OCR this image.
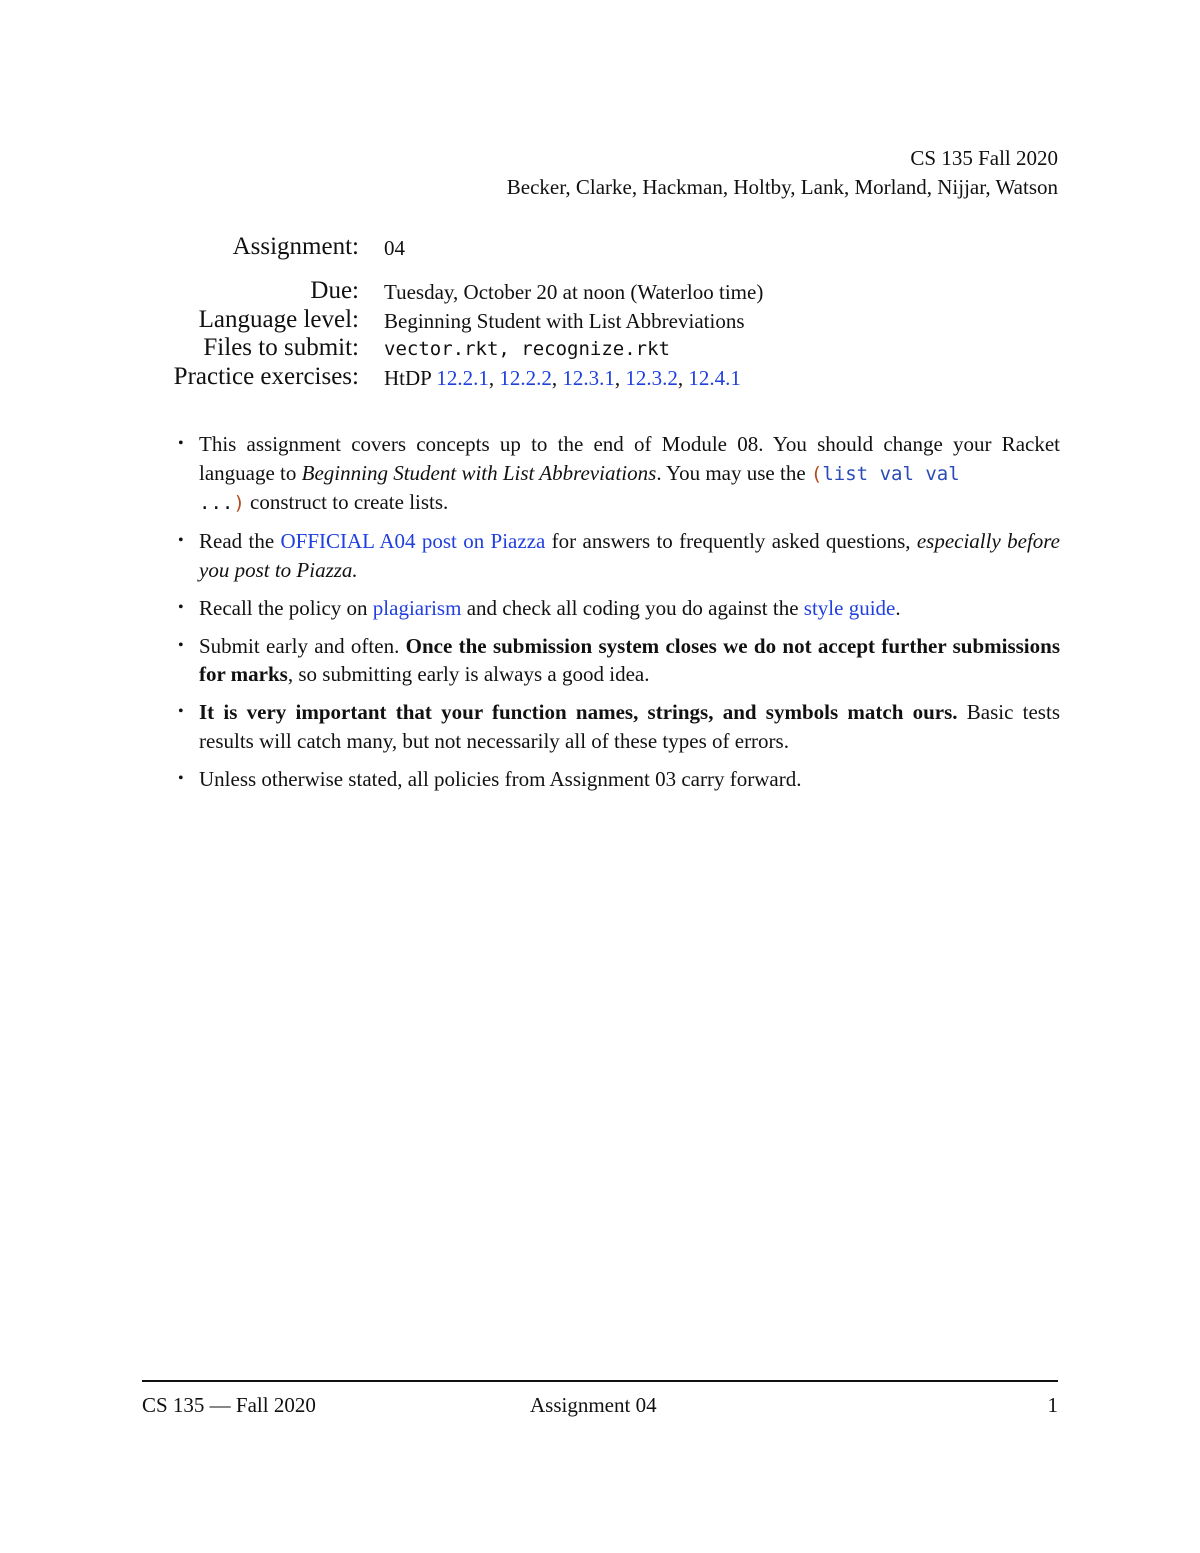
CS 135 Fall 2020
Becker, Clarke, Hackman, Holtby, Lank, Morland, Nijjar, Watson
Assignment: 04
Due: Tuesday, October 20 at noon (Waterloo time)
Language level: Beginning Student with List Abbreviations
Files to submit: vector.rkt, recognize.rkt
Practice exercises: HtDP 12.2.1, 12.2.2, 12.3.1, 12.3.2, 12.4.1
• This assignment covers concepts up to the end of Module 08. You should change your Racket language to Beginning Student with List Abbreviations. You may use the (list val val
...) construct to create lists.
• Read the OFFICIAL A04 post on Piazza for answers to frequently asked questions, especially before you post to Piazza.
• Recall the policy on plagiarism and check all coding you do against the style guide.
• Submit early and often. Once the submission system closes we do not accept further submissions for marks, so submitting early is always a good idea.
• It is very important that your function names, strings, and symbols match ours. Basic tests results will catch many, but not necessarily all of these types of errors.
• Unless otherwise stated, all policies from Assignment 03 carry forward.
CS 135 — Fall 2020	Assignment 04	1
